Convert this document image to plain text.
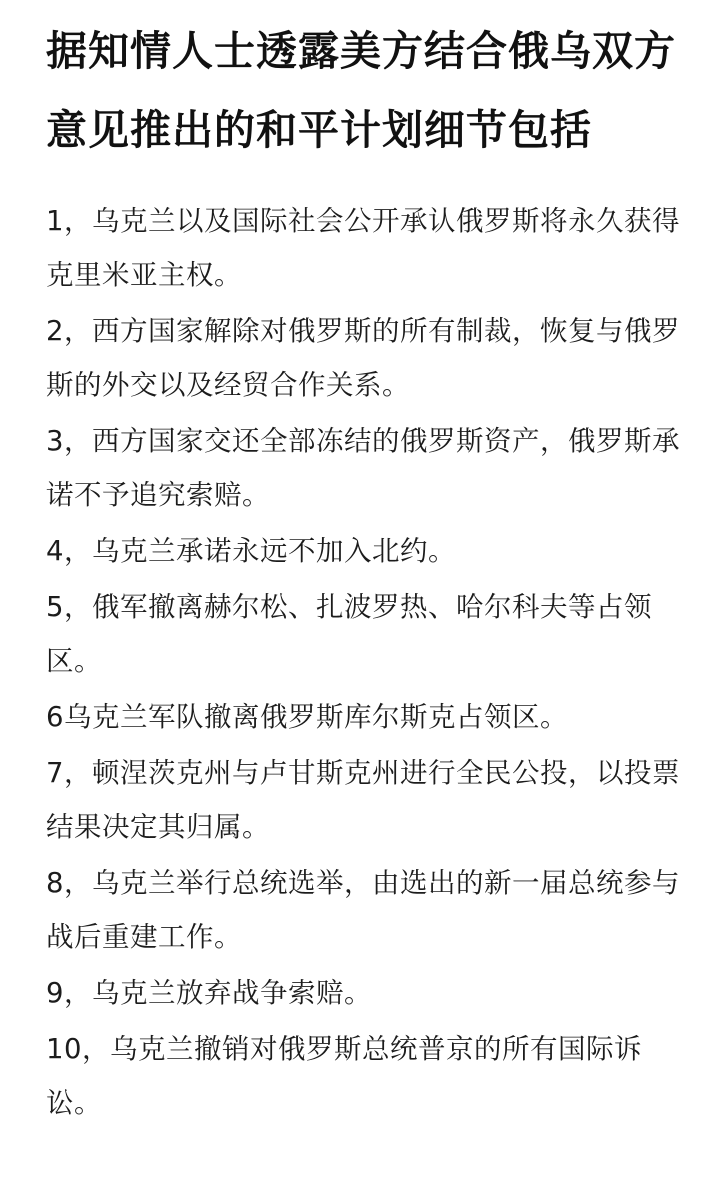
据知情人士透露美方结合俄乌双方意见推出的和平计划细节包括
1，乌克兰以及国际社会公开承认俄罗斯将永久获得克里米亚主权。
2，西方国家解除对俄罗斯的所有制裁，恢复与俄罗斯的外交以及经贸合作关系。
3，西方国家交还全部冻结的俄罗斯资产，俄罗斯承诺不予追究索赔。
4，乌克兰承诺永远不加入北约。
5，俄军撤离赫尔松、扎波罗热、哈尔科夫等占领区。
6乌克兰军队撤离俄罗斯库尔斯克占领区。
7，顿涅茨克州与卢甘斯克州进行全民公投，以投票结果决定其归属。
8，乌克兰举行总统选举，由选出的新一届总统参与战后重建工作。
9，乌克兰放弃战争索赔。
10，乌克兰撤销对俄罗斯总统普京的所有国际诉讼。
